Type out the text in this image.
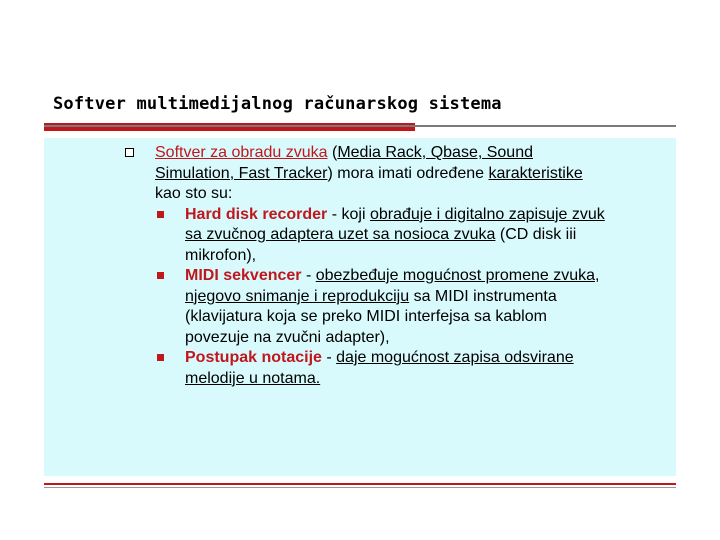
Softver multimedijalnog računarskog sistema
Softver za obradu zvuka (Media Rack, Qbase, Sound
Simulation, Fast Tracker) mora imati određene karakteristike
kao sto su:
Hard disk recorder - koji obrađuje i digitalno zapisuje zvuk
sa zvučnog adaptera uzet sa nosioca zvuka (CD disk iii
mikrofon),
MIDI sekvencer - obezbeđuje mogućnost promene zvuka,
njegovo snimanje i reprodukciju sa MIDI instrumenta
(klavijatura koja se preko MIDI interfejsa sa kablom
povezuje na zvučni adapter),
Postupak notacije - daje mogućnost zapisa odsvirane
melodije u notama.
